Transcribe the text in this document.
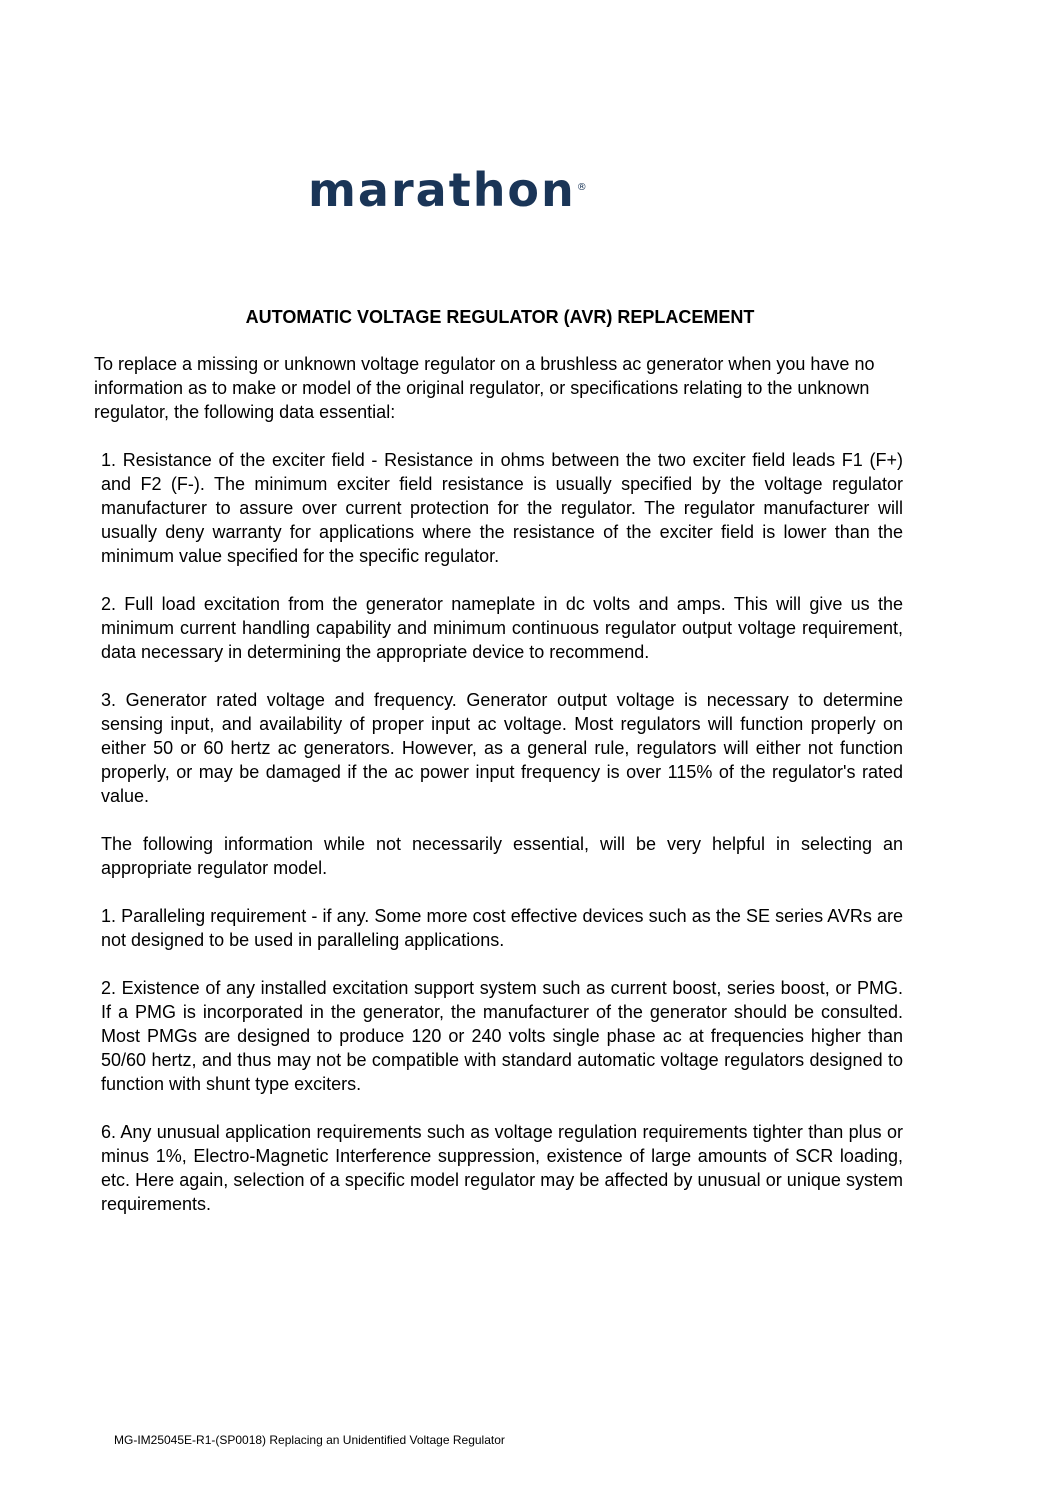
marathon ®
AUTOMATIC VOLTAGE REGULATOR (AVR) REPLACEMENT

To replace a missing or unknown voltage regulator on a brushless ac generator when you have no information as to make or model of the original regulator, or specifications relating to the unknown regulator, the following data essential:

1. Resistance of the exciter field - Resistance in ohms between the two exciter field leads F1 (F+) and F2 (F-). The minimum exciter field resistance is usually specified by the voltage regulator manufacturer to assure over current protection for the regulator. The regulator manufacturer will usually deny warranty for applications where the resistance of the exciter field is lower than the minimum value specified for the specific regulator.

2. Full load excitation from the generator nameplate in dc volts and amps. This will give us the minimum current handling capability and minimum continuous regulator output voltage requirement, data necessary in determining the appropriate device to recommend.

3. Generator rated voltage and frequency. Generator output voltage is necessary to determine sensing input, and availability of proper input ac voltage. Most regulators will function properly on either 50 or 60 hertz ac generators. However, as a general rule, regulators will either not function properly, or may be damaged if the ac power input frequency is over 115% of the regulator's rated value.

The following information while not necessarily essential, will be very helpful in selecting an appropriate regulator model.

1. Paralleling requirement - if any. Some more cost effective devices such as the SE series AVRs are not designed to be used in paralleling applications.

2. Existence of any installed excitation support system such as current boost, series boost, or PMG. If a PMG is incorporated in the generator, the manufacturer of the generator should be consulted. Most PMGs are designed to produce 120 or 240 volts single phase ac at frequencies higher than 50/60 hertz, and thus may not be compatible with standard automatic voltage regulators designed to function with shunt type exciters.

6. Any unusual application requirements such as voltage regulation requirements tighter than plus or minus 1%, Electro-Magnetic Interference suppression, existence of large amounts of SCR loading, etc. Here again, selection of a specific model regulator may be affected by unusual or unique system requirements.

MG-IM25045E-R1-(SP0018) Replacing an Unidentified Voltage Regulator
